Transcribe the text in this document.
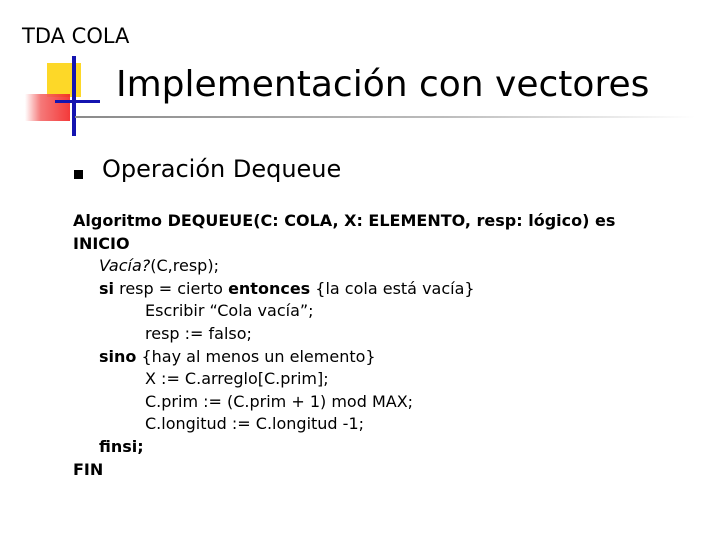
TDA COLA
Implementación con vectores
Operación Dequeue
Algoritmo DEQUEUE(C: COLA, X: ELEMENTO, resp: lógico) es
INICIO
Vacía?(C,resp);
si resp = cierto entonces {la cola está vacía}
Escribir “Cola vacía”;
resp := falso;
sino {hay al menos un elemento}
X := C.arreglo[C.prim];
C.prim := (C.prim + 1) mod MAX;
C.longitud := C.longitud -1;
finsi;
FIN
